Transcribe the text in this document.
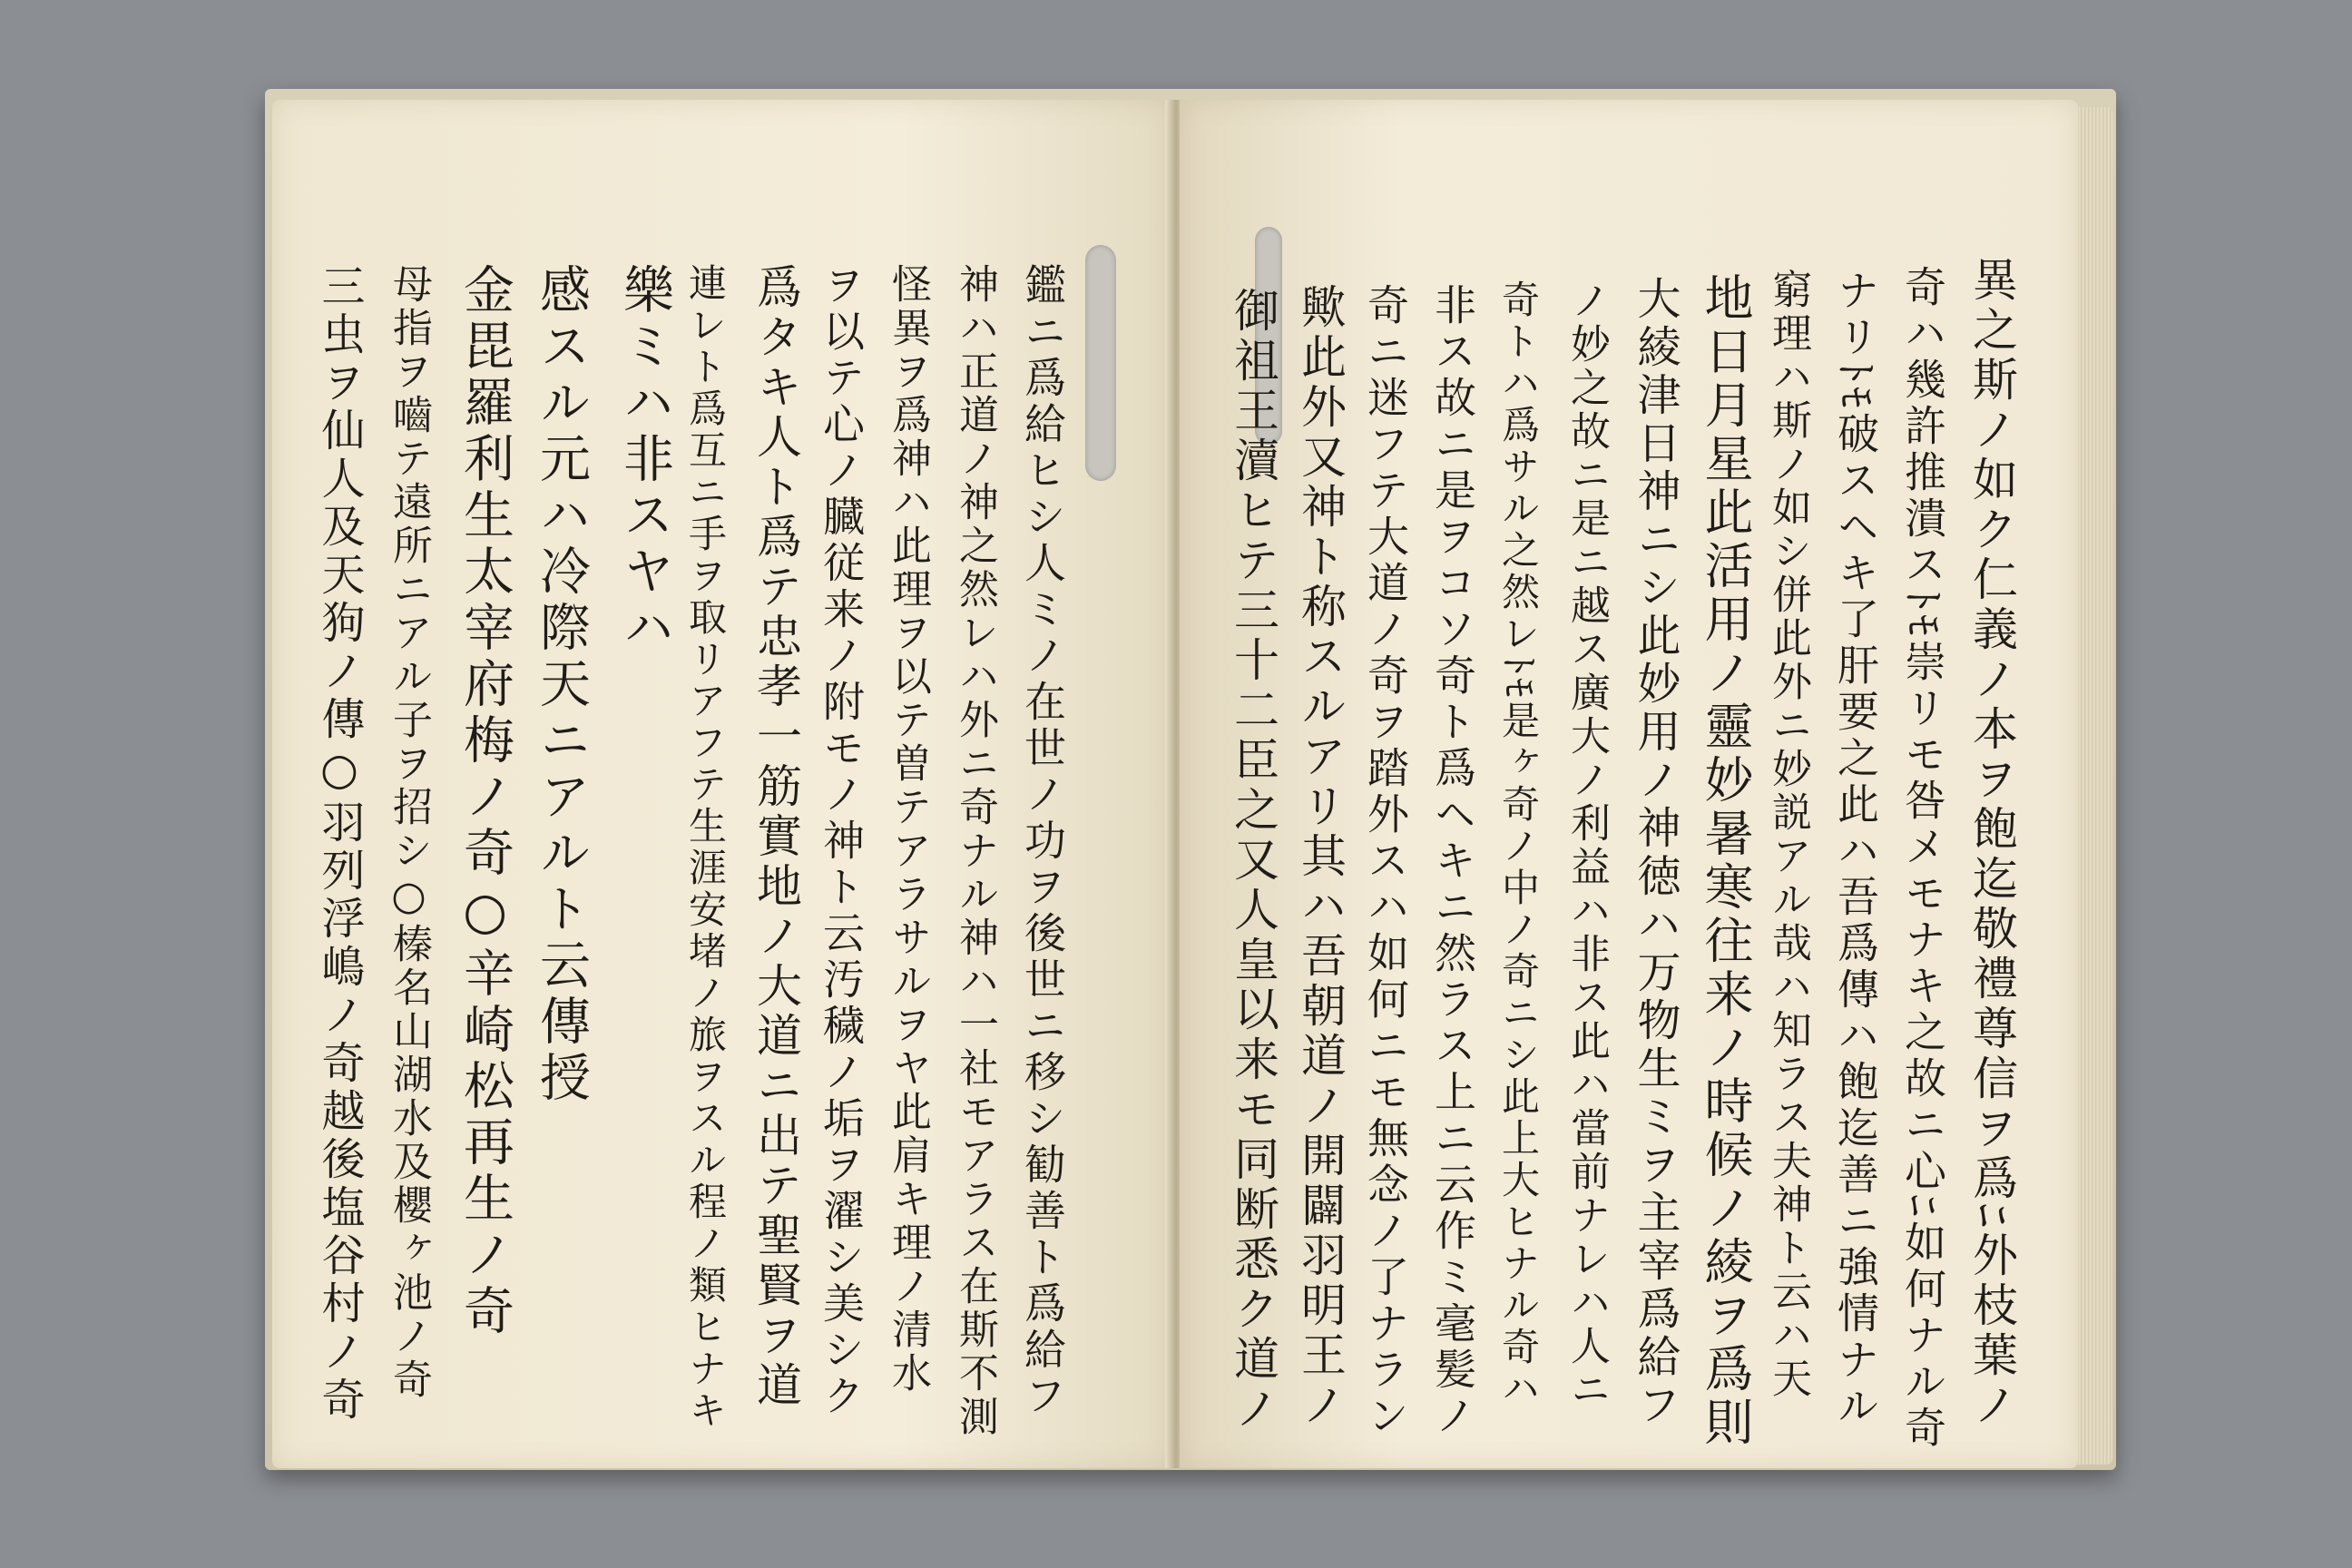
異之斯ノ如ク仁義ノ本ヲ飽迄敬禮尊信ヲ爲ﾆ外枝葉ノ
奇ハ幾許推潰スﾄﾓ崇リモ咎メモナキ之故ニ心ﾆ如何ナル奇
ナリﾄﾓ破スヘキ了肝要之此ハ吾爲傳ハ飽迄善ニ強情ナル
窮理ハ斯ノ如シ併此外ニ妙説アル哉ハ知ラス夫神ト云ハ天
地日月星此活用ノ靈妙暑寒往来ノ時候ノ綾ヲ爲則
大綾津日神ニシ此妙用ノ神徳ハ万物生ミヲ主宰爲給フ
ノ妙之故ニ是ニ越ス廣大ノ利益ハ非ス此ハ當前ナレハ人ニ
奇トハ爲サル之然レﾄﾓ是ヶ奇ノ中ノ奇ニシ此上大ヒナル奇ハ
非ス故ニ是ヲコソ奇ト爲ヘキニ然ラス上ニ云作ミ毫髪ノ
奇ニ迷フテ大道ノ奇ヲ踏外スハ如何ニモ無念ノ了ナラン
歟此外又神ト称スルアリ其ハ吾朝道ノ開闢羽明王ノ
御祖王瀆ヒテ三十二臣之又人皇以来モ同断悉ク道ノ
鑑ニ爲給ヒシ人ミノ在世ノ功ヲ後世ニ移シ勧善ト爲給フ
神ハ正道ノ神之然レハ外ニ奇ナル神ハ一社モアラス在斯不測
怪異ヲ爲神ハ此理ヲ以テ曽テアラサルヲヤ此肩キ理ノ清水
ヲ以テ心ノ臓従来ノ附モノ神ト云汚穢ノ垢ヲ濯シ美シク
爲タキ人ト爲テ忠孝一筋實地ノ大道ニ出テ聖賢ヲ道
連レト爲互ニ手ヲ取リアフテ生涯安堵ノ旅ヲスル程ノ類ヒナキ
樂ミハ非スヤハ
感スル元ハ冷際天ニアルト云傳授
金毘羅利生太宰府梅ノ奇○辛崎松再生ノ奇
母指ヲ嚙テ遠所ニアル子ヲ招シ○榛名山湖水及櫻ヶ池ノ奇
三虫ヲ仙人及天狗ノ傳○羽列浮嶋ノ奇越後塩谷村ノ奇
